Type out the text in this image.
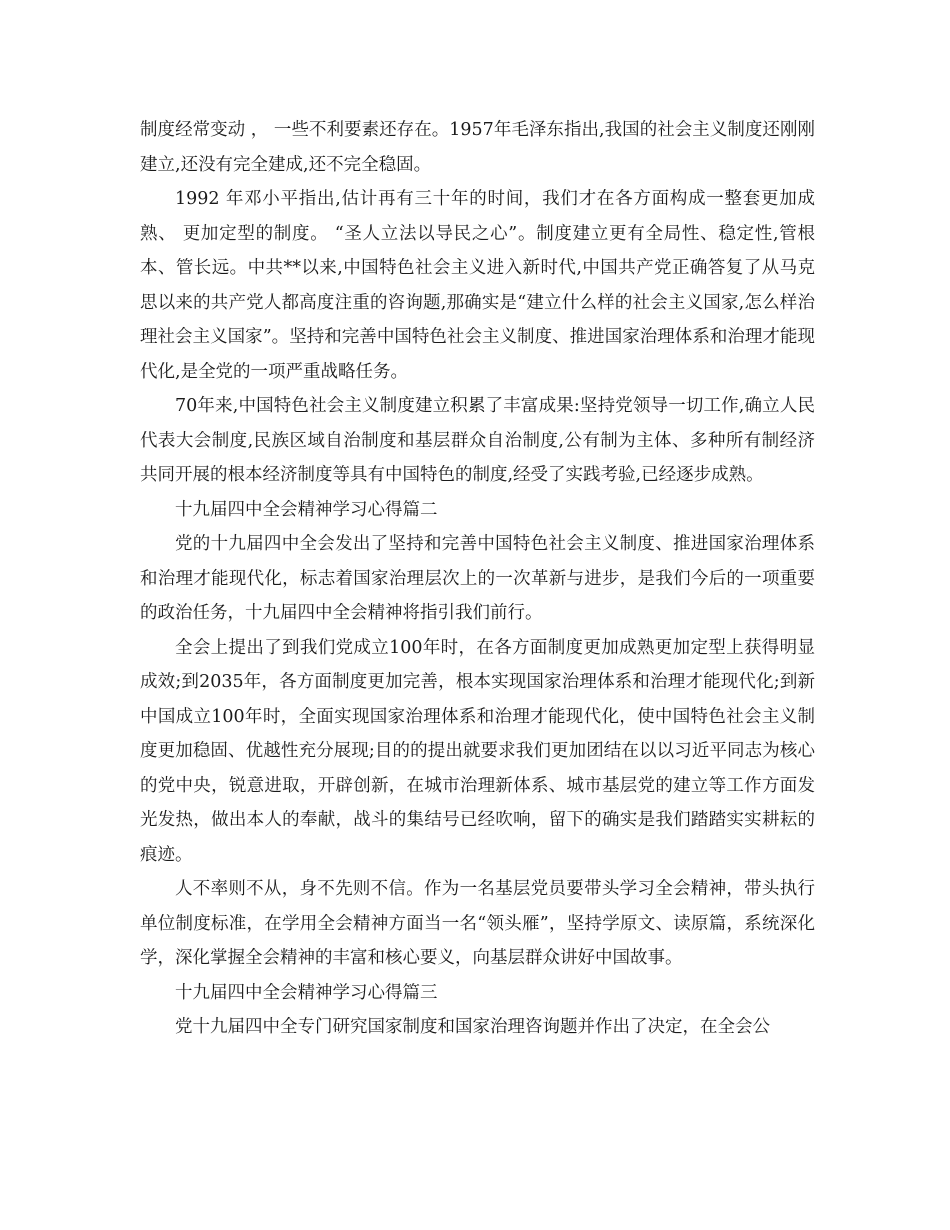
制度经常变动 ， 一些不利要素还存在。1957年毛泽东指出,我国的社会主义制度还刚刚建立,还没有完全建成,还不完全稳固。

1992 年邓小平指出,估计再有三十年的时间，我们才在各方面构成一整套更加成熟、 更加定型的制度。 “圣人立法以导民之心”。制度建立更有全局性、稳定性,管根本、管长远。中共**以来,中国特色社会主义进入新时代,中国共产党正确答复了从马克思以来的共产党人都高度注重的咨询题,那确实是“建立什么样的社会主义国家,怎么样治理社会主义国家”。坚持和完善中国特色社会主义制度、推进国家治理体系和治理才能现代化,是全党的一项严重战略任务。

70年来,中国特色社会主义制度建立积累了丰富成果:坚持党领导一切工作,确立人民代表大会制度,民族区域自治制度和基层群众自治制度,公有制为主体、多种所有制经济共同开展的根本经济制度等具有中国特色的制度,经受了实践考验,已经逐步成熟。

十九届四中全会精神学习心得篇二

党的十九届四中全会发出了坚持和完善中国特色社会主义制度、推进国家治理体系和治理才能现代化，标志着国家治理层次上的一次革新与进步，是我们今后的一项重要的政治任务，十九届四中全会精神将指引我们前行。

全会上提出了到我们党成立100年时，在各方面制度更加成熟更加定型上获得明显成效;到2035年，各方面制度更加完善，根本实现国家治理体系和治理才能现代化;到新中国成立100年时，全面实现国家治理体系和治理才能现代化，使中国特色社会主义制度更加稳固、优越性充分展现;目的的提出就要求我们更加团结在以以习近平同志为核心的党中央，锐意进取，开辟创新，在城市治理新体系、城市基层党的建立等工作方面发光发热，做出本人的奉献，战斗的集结号已经吹响，留下的确实是我们踏踏实实耕耘的痕迹。

人不率则不从，身不先则不信。作为一名基层党员要带头学习全会精神，带头执行单位制度标准，在学用全会精神方面当一名“领头雁”，坚持学原文、读原篇，系统深化学，深化掌握全会精神的丰富和核心要义，向基层群众讲好中国故事。

十九届四中全会精神学习心得篇三

党十九届四中全专门研究国家制度和国家治理咨询题并作出了决定，在全会公
